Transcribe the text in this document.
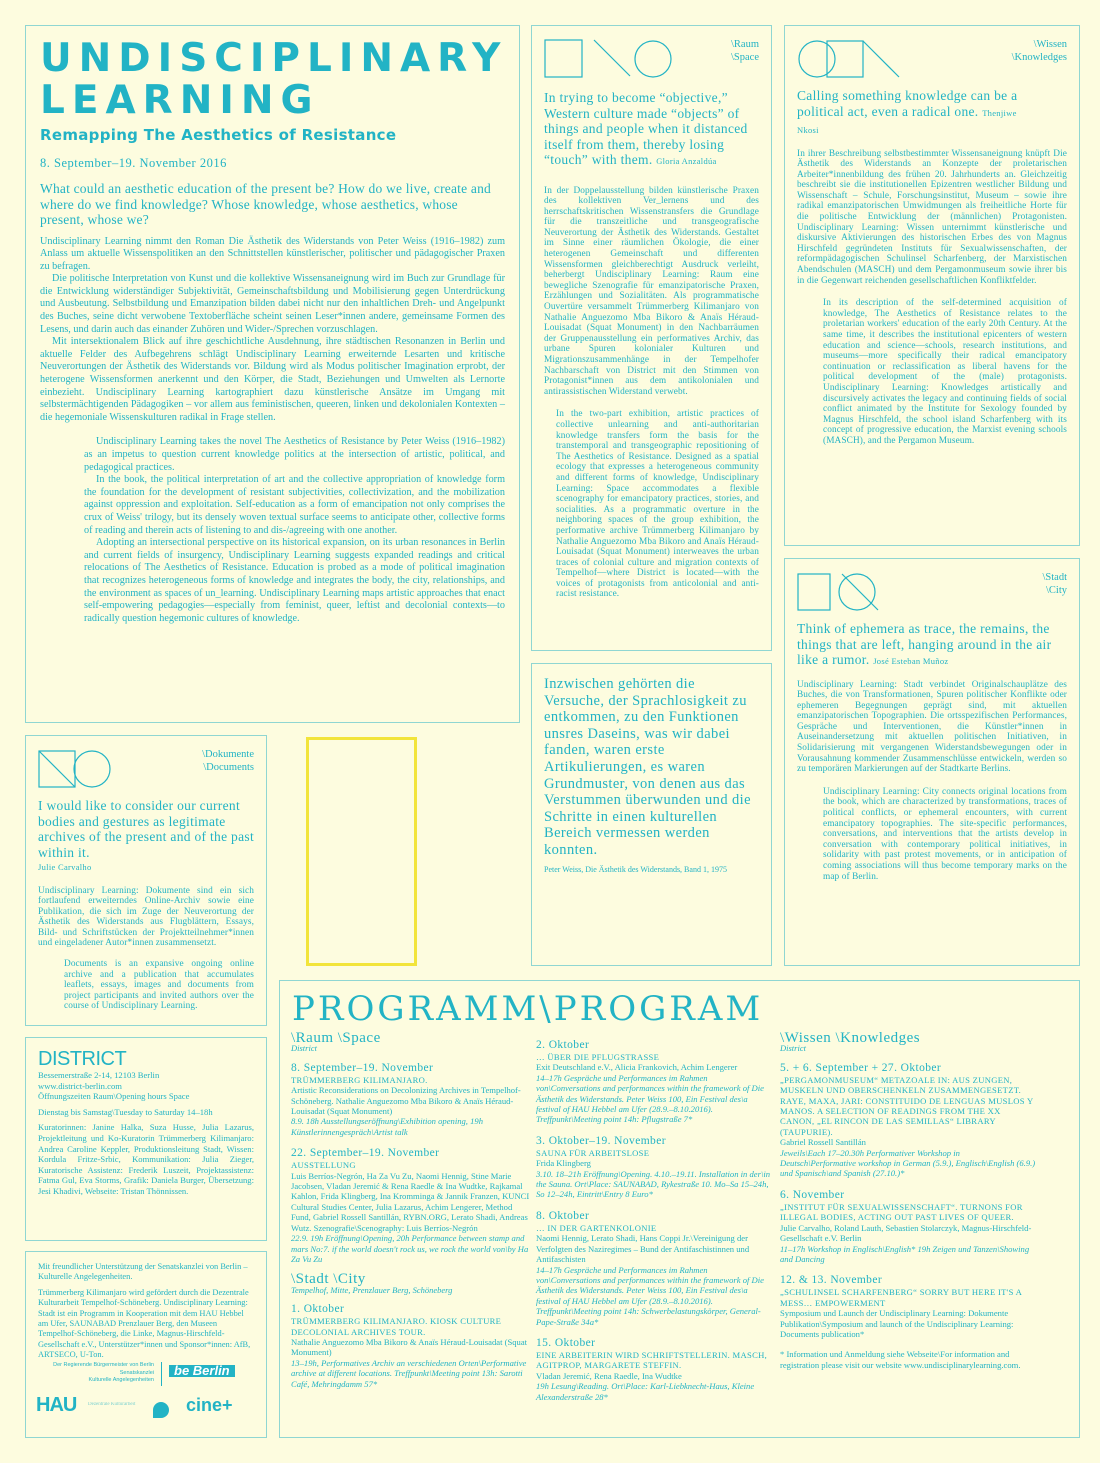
UNDISCIPLINARY
LEARNING
Remapping The Aesthetics of Resistance
8. September–19. November 2016
What could an aesthetic education of the present be? How do we live, create and where do we find knowledge? Whose knowledge, whose aesthetics, whose present, whose we?

Undisciplinary Learning nimmt den Roman Die Ästhetik des Widerstands von Peter Weiss (1916–1982) zum Anlass um aktuelle Wissenspolitiken an den Schnittstellen künstlerischer, politischer und pädagogischer Praxen zu befragen.

Die politische Interpretation von Kunst und die kollektive Wissensaneignung wird im Buch zur Grundlage für die Entwicklung widerständiger Subjektivität, Gemeinschaftsbildung und Mobilisierung gegen Unterdrückung und Ausbeutung. Selbstbildung und Emanzipation bilden dabei nicht nur den inhaltlichen Dreh- und Angelpunkt des Buches, seine dicht verwobene Textoberfläche scheint seinen Leser*innen andere, gemeinsame Formen des Lesens, und darin auch das einander Zuhören und Wider-/Sprechen vorzuschlagen.

Mit intersektionalem Blick auf ihre geschichtliche Ausdehnung, ihre städtischen Resonanzen in Berlin und aktuelle Felder des Aufbegehrens schlägt Undisciplinary Learning erweiternde Lesarten und kritische Neuverortungen der Ästhetik des Widerstands vor. Bildung wird als Modus politischer Imagination erprobt, der heterogene Wissensformen anerkennt und den Körper, die Stadt, Beziehungen und Umwelten als Lernorte einbezieht. Undisciplinary Learning kartographiert dazu künstlerische Ansätze im Umgang mit selbstermächtigenden Pädagogiken – vor allem aus feministischen, queeren, linken und dekolonialen Kontexten – die hegemoniale Wissenskulturen radikal in Frage stellen.

Undisciplinary Learning takes the novel The Aesthetics of Resistance by Peter Weiss (1916–1982) as an impetus to question current knowledge politics at the intersection of artistic, political, and pedagogical practices.

In the book, the political interpretation of art and the collective appropriation of knowledge form the foundation for the development of resistant subjectivities, collectivization, and the mobilization against oppression and exploitation. Self-education as a form of emancipation not only comprises the crux of Weiss' trilogy, but its densely woven textual surface seems to anticipate other, collective forms of reading and therein acts of listening to and dis-/agreeing with one another.

Adopting an intersectional perspective on its historical expansion, on its urban resonances in Berlin and current fields of insurgency, Undisciplinary Learning suggests expanded readings and critical relocations of The Aesthetics of Resistance. Education is probed as a mode of political imagination that recognizes heterogeneous forms of knowledge and integrates the body, the city, relationships, and the environment as spaces of un_learning. Undisciplinary Learning maps artistic approaches that enact self-empowering pedagogies—especially from feminist, queer, leftist and decolonial contexts—to radically question hegemonic cultures of knowledge.

\Raum
\Space
In trying to become “objective,” Western culture made “objects” of things and people when it distanced itself from them, thereby losing “touch” with them. Gloria Anzaldúa
In der Doppelausstellung bilden künstlerische Praxen des kollektiven Ver_lernens und des herrschaftskritischen Wissenstransfers die Grundlage für die transzeitliche und transgeografische Neuverortung der Ästhetik des Widerstands. Gestaltet im Sinne einer räumlichen Ökologie, die einer heterogenen Gemeinschaft und differenten Wissensformen gleichberechtigt Ausdruck verleiht, beherbergt Undisciplinary Learning: Raum eine bewegliche Szenografie für emanzipatorische Praxen, Erzählungen und Sozialitäten. Als programmatische Ouvertüre versammelt Trümmerberg Kilimanjaro von Nathalie Anguezomo Mba Bikoro & Anaïs Héraud-Louisadat (Squat Monument) in den Nachbarräumen der Gruppenausstellung ein performatives Archiv, das urbane Spuren kolonialer Kulturen und Migrationszusammenhänge in der Tempelhofer Nachbarschaft von District mit den Stimmen von Protagonist*innen aus dem antikolonialen und antirassistischen Widerstand verwebt.
In the two-part exhibition, artistic practices of collective unlearning and anti-authoritarian knowledge transfers form the basis for the transtemporal and transgeographic repositioning of The Aesthetics of Resistance. Designed as a spatial ecology that expresses a heterogeneous community and different forms of knowledge, Undisciplinary Learning: Space accommodates a flexible scenography for emancipatory practices, stories, and socialities. As a programmatic overture in the neighboring spaces of the group exhibition, the performative archive Trümmerberg Kilimanjaro by Nathalie Anguezomo Mba Bikoro and Anaïs Héraud-Louisadat (Squat Monument) interweaves the urban traces of colonial culture and migration contexts of Tempelhof—where District is located—with the voices of protagonists from anticolonial and anti-racist resistance.
\Wissen
\Knowledges
Calling something knowledge can be a political act, even a radical one. Thenjiwe Nkosi
In ihrer Beschreibung selbstbestimmter Wissensaneignung knüpft Die Ästhetik des Widerstands an Konzepte der proletarischen Arbeiter*innenbildung des frühen 20. Jahrhunderts an. Gleichzeitig beschreibt sie die institutionellen Epizentren westlicher Bildung und Wissenschaft – Schule, Forschungsinstitut, Museum – sowie ihre radikal emanzipatorischen Umwidmungen als freiheitliche Horte für die politische Entwicklung der (männlichen) Protagonisten. Undisciplinary Learning: Wissen unternimmt künstlerische und diskursive Aktivierungen des historischen Erbes des von Magnus Hirschfeld gegründeten Instituts für Sexualwissenschaften, der reformpädagogischen Schulinsel Scharfenberg, der Marxistischen Abendschulen (MASCH) und dem Pergamonmuseum sowie ihrer bis in die Gegenwart reichenden gesellschaftlichen Konfliktfelder.
In its description of the self-determined acquisition of knowledge, The Aesthetics of Resistance relates to the proletarian workers' education of the early 20th Century. At the same time, it describes the institutional epicenters of western education and science—schools, research institutions, and museums—more specifically their radical emancipatory continuation or reclassification as liberal havens for the political development of the (male) protagonists. Undisciplinary Learning: Knowledges artistically and discursively activates the legacy and continuing fields of social conflict animated by the Institute for Sexology founded by Magnus Hirschfeld, the school island Scharfenberg with its concept of progressive education, the Marxist evening schools (MASCH), and the Pergamon Museum.
\Stadt
\City
Think of ephemera as trace, the remains, the things that are left, hanging around in the air like a rumor. José Esteban Muñoz
Undisciplinary Learning: Stadt verbindet Originalschauplätze des Buches, die von Transformationen, Spuren politischer Konflikte oder ephemeren Begegnungen geprägt sind, mit aktuellen emanzipatorischen Topographien. Die ortsspezifischen Performances, Gespräche und Interventionen, die Künstler*innen in Auseinandersetzung mit aktuellen politischen Initiativen, in Solidarisierung mit vergangenen Widerstandsbewegungen oder in Vorausahnung kommender Zusammenschlüsse entwickeln, werden so zu temporären Markierungen auf der Stadtkarte Berlins.
Undisciplinary Learning: City connects original locations from the book, which are characterized by transformations, traces of political conflicts, or ephemeral encounters, with current emancipatory topographies. The site-specific performances, conversations, and interventions that the artists develop in conversation with contemporary political initiatives, in solidarity with past protest movements, or in anticipation of coming associations will thus become temporary marks on the map of Berlin.
Inzwischen gehörten die Versuche, der Sprachlosigkeit zu entkommen, zu den Funktionen unsres Daseins, was wir dabei fanden, waren erste Artikulierungen, es waren Grundmuster, von denen aus das Verstummen überwunden und die Schritte in einen kulturellen Bereich vermessen werden konnten.
Peter Weiss, Die Ästhetik des Widerstands, Band 1, 1975
\Dokumente
\Documents
I would like to consider our current bodies and gestures as legitimate archives of the present and of the past within it.
Julie Carvalho
Undisciplinary Learning: Dokumente sind ein sich fortlaufend erweiterndes Online-Archiv sowie eine Publikation, die sich im Zuge der Neuverortung der Ästhetik des Widerstands aus Flugblättern, Essays, Bild- und Schriftstücken der Projektteilnehmer*innen und eingeladener Autor*innen zusammensetzt.
Documents is an expansive ongoing online archive and a publication that accumulates leaflets, essays, images and documents from project participants and invited authors over the course of Undisciplinary Learning.
DISTRICT
Bessemerstraße 2-14, 12103 Berlin
www.district-berlin.com
Öffnungszeiten Raum\Opening hours Space
Dienstag bis Samstag\Tuesday to Saturday 14–18h
Kuratorinnen: Janine Halka, Suza Husse, Julia Lazarus, Projektleitung und Ko-Kuratorin Trümmerberg Kilimanjaro: Andrea Caroline Keppler, Produktionsleitung Stadt, Wissen: Kordula Fritze-Srbic, Kommunikation: Julia Zieger, Kuratorische Assistenz: Frederik Luszeit, Projektassistenz: Fatma Gul, Eva Storms, Grafik: Daniela Burger, Übersetzung: Jesi Khadivi, Webseite: Tristan Thönnissen.
Mit freundlicher Unterstützung der Senatskanzlei von Berlin – Kulturelle Angelegenheiten.
Trümmerberg Kilimanjaro wird gefördert durch die Dezentrale Kulturarbeit Tempelhof-Schöneberg. Undisciplinary Learning: Stadt ist ein Programm in Kooperation mit dem HAU Hebbel am Ufer, SAUNABAD Prenzlauer Berg, den Museen Tempelhof-Schöneberg, die Linke, Magnus-Hirschfeld-Gesellschaft e.V., Unterstützer*innen und Sponsor*innen: AfB, ARTSECO, U-Ton.
Der Regierende Bürgermeister von Berlin
Senatskanzlei
Kulturelle Angelegenheiten
be Berlin
HAU Dezentrale Kulturarbeit	cine+
PROGRAMM\PROGRAM
\Raum \Space
District
8. September–19. November
TRÜMMERBERG KILIMANJARO.
Artistic Reconsiderations on Decolonizing Archives in Tempelhof-Schöneberg. Nathalie Anguezomo Mba Bikoro & Anaïs Héraud-Louisadat (Squat Monument)
8.9. 18h Ausstellungseröffnung\Exhibition opening, 19h Künstlerinnengespräch\Artist talk
22. September–19. November
AUSSTELLUNG
Luis Berríos-Negrón, Ha Za Vu Zu, Naomi Hennig, Stine Marie Jacobsen, Vladan Jeremić & Rena Raedle & Ina Wudtke, Rajkamal Kahlon, Frida Klingberg, Ina Kromminga & Jannik Franzen, KUNCI Cultural Studies Center, Julia Lazarus, Achim Lengerer, Method Fund, Gabriel Rossell Santillán, RYBN.ORG, Lerato Shadi, Andreas Wutz. Szenografie\Scenography: Luis Berríos-Negrón
22.9. 19h Eröffnung\Opening, 20h Performance between stamp and mars No:7. if the world doesn't rock us, we rock the world von\by Ha Za Vu Zu
\Stadt \City
Tempelhof, Mitte, Prenzlauer Berg, Schöneberg
1. Oktober
TRÜMMERBERG KILIMANJARO. KIOSK CULTURE DECOLONIAL ARCHIVES TOUR.
Nathalie Anguezomo Mba Bikoro & Anaïs Héraud-Louisadat (Squat Monument)
13–19h, Performatives Archiv an verschiedenen Orten\Performative archive at different locations. Treffpunkt\Meeting point 13h: Sarotti Café, Mehringdamm 57*
2. Oktober
… ÜBER DIE PFLUGSTRASSE
Exit Deutschland e.V., Alicia Frankovich, Achim Lengerer
14–17h Gespräche und Performances im Rahmen von\Conversations and performances within the framework of Die Ästhetik des Widerstands. Peter Weiss 100, Ein Festival des\a festival of HAU Hebbel am Ufer (28.9.–8.10.2016). Treffpunkt\Meeting point 14h: Pflugstraße 7*
3. Oktober–19. November
SAUNA FÜR ARBEITSLOSE
Frida Klingberg
3.10. 18–21h Eröffnung\Opening. 4.10.–19.11. Installation in der\in the Sauna. Ort\Place: SAUNABAD, Rykestraße 10. Mo–Sa 15–24h, So 12–24h, Eintritt\Entry 8 Euro*
8. Oktober
… IN DER GARTENKOLONIE
Naomi Hennig, Lerato Shadi, Hans Coppi Jr.\Vereinigung der Verfolgten des Naziregimes – Bund der Antifaschistinnen und Antifaschisten
14–17h Gespräche und Performances im Rahmen von\Conversations and performances within the framework of Die Ästhetik des Widerstands. Peter Weiss 100, Ein Festival des\a festival of HAU Hebbel am Ufer (28.9.–8.10.2016). Treffpunkt\Meeting point 14h: Schwerbelastungskörper, General-Pape-Straße 34a*
15. Oktober
EINE ARBEITERIN WIRD SCHRIFTSTELLERIN. MASCH, AGITPROP, MARGARETE STEFFIN.
Vladan Jeremić, Rena Raedle, Ina Wudtke
19h Lesung\Reading. Ort\Place: Karl-Liebknecht-Haus, Kleine Alexanderstraße 28*
\Wissen \Knowledges
District
5. + 6. September + 27. Oktober
„PERGAMONMUSEUM“ METAZOALE IN: AUS ZUNGEN, MUSKELN UND OBERSCHENKELN ZUSAMMENGESETZT. RAYE, MAXA, JARI: CONSTITUIDO DE LENGUAS MUSLOS Y MANOS. A SELECTION OF READINGS FROM THE XX CANON, „EL RINCON DE LAS SEMILLAS“ LIBRARY (TAUPURIE).
Gabriel Rossell Santillán
Jeweils\Each 17–20.30h Performativer Workshop in Deutsch\Performative workshop in German (5.9.), Englisch\English (6.9.) und Spanisch\and Spanish (27.10.)*
6. November
„INSTITUT FÜR SEXUALWISSENSCHAFT“. TURNONS FOR ILLEGAL BODIES, ACTING OUT PAST LIVES OF QUEER.
Julie Carvalho, Roland Lauth, Sebastien Stolarczyk, Magnus-Hirschfeld-Gesellschaft e.V. Berlin
11–17h Workshop in Englisch\English* 19h Zeigen und Tanzen\Showing and Dancing
12. & 13. November
„SCHULINSEL SCHARFENBERG“ SORRY BUT HERE IT'S A MESS… EMPOWERMENT
Symposium und Launch der Undisciplinary Learning: Dokumente Publikation\Symposium and launch of the Undisciplinary Learning: Documents publication*
* Information und Anmeldung siehe Webseite\For information and registration please visit our website www.undisciplinarylearning.com.
